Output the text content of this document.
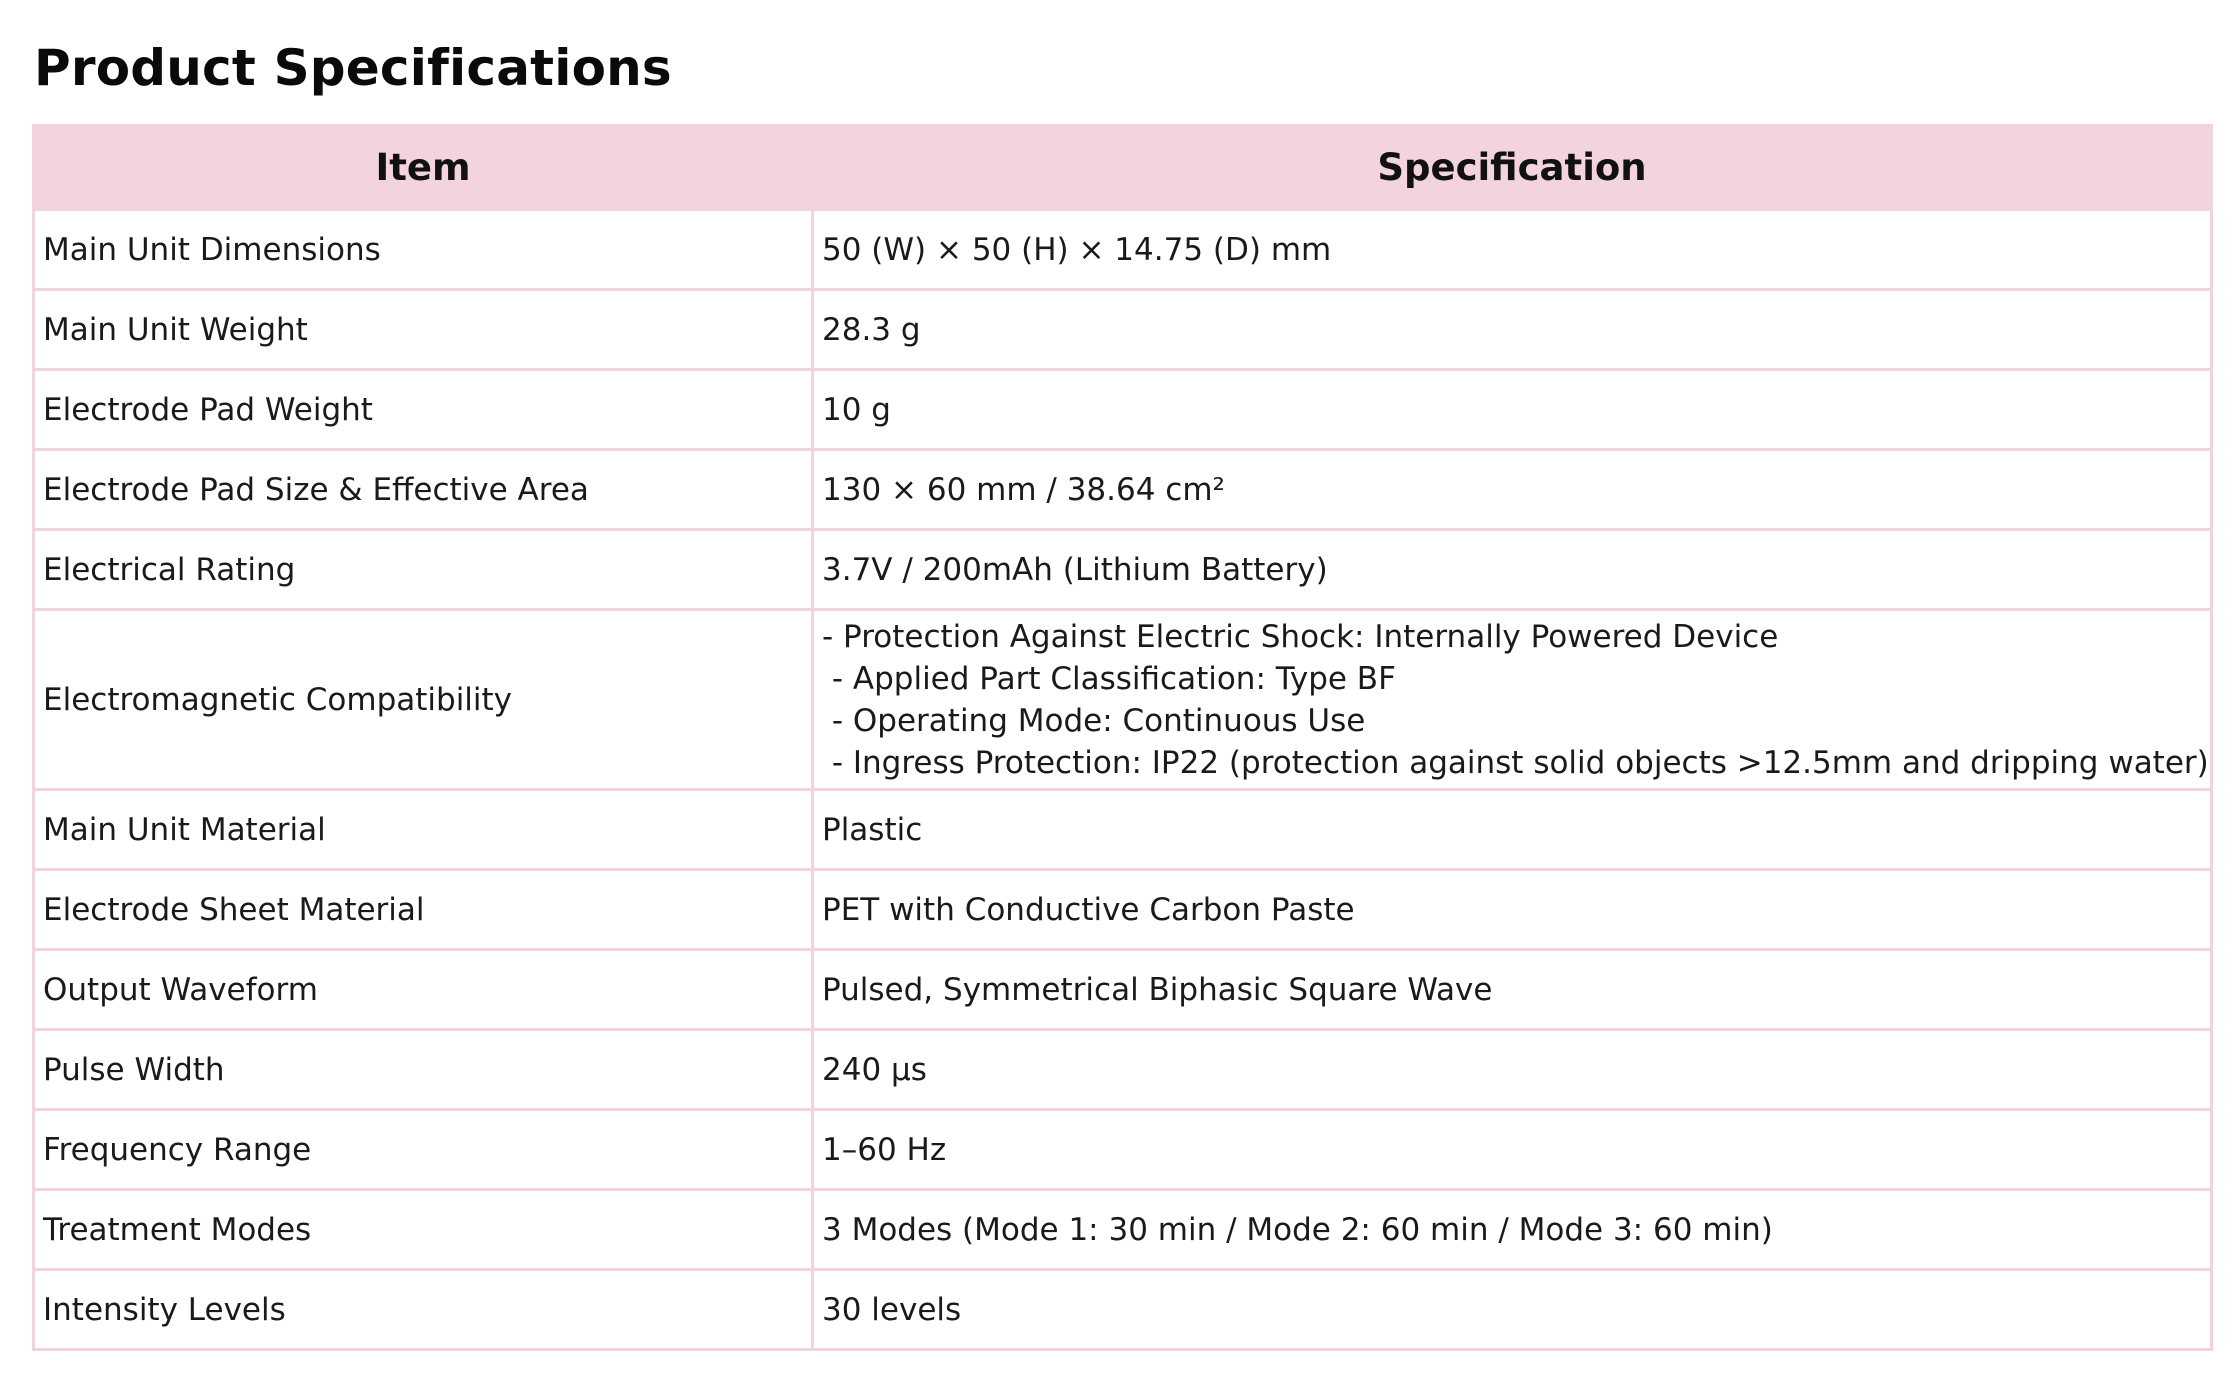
Product Specifications
Item	Specification
Main Unit Dimensions	50 (W) × 50 (H) × 14.75 (D) mm
Main Unit Weight	28.3 g
Electrode Pad Weight	10 g
Electrode Pad Size & Effective Area	130 × 60 mm / 38.64 cm²
Electrical Rating	3.7V / 200mAh (Lithium Battery)
Electromagnetic Compatibility	- Protection Against Electric Shock: Internally Powered Device
- Applied Part Classification: Type BF
- Operating Mode: Continuous Use
- Ingress Protection: IP22 (protection against solid objects >12.5mm and dripping water)

Main Unit Material	Plastic
Electrode Sheet Material	PET with Conductive Carbon Paste
Output Waveform	Pulsed, Symmetrical Biphasic Square Wave
Pulse Width	240 μs
Frequency Range	1–60 Hz
Treatment Modes	3 Modes (Mode 1: 30 min / Mode 2: 60 min / Mode 3: 60 min)
Intensity Levels	30 levels
